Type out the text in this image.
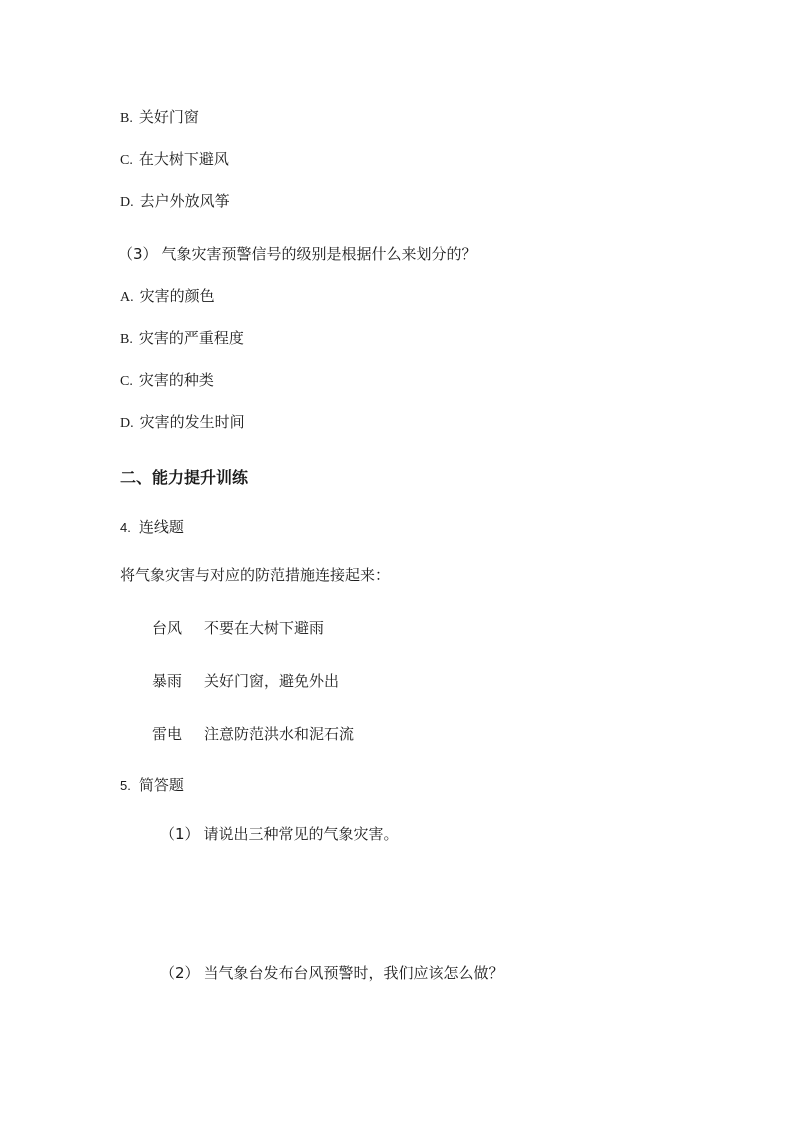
B. 关好门窗
C. 在大树下避风
D. 去户外放风筝
（3） 气象灾害预警信号的级别是根据什么来划分的？
A. 灾害的颜色
B. 灾害的严重程度
C. 灾害的种类
D. 灾害的发生时间
二、能力提升训练
4. 连线题
将气象灾害与对应的防范措施连接起来：
台风 不要在大树下避雨
暴雨 关好门窗，避免外出
雷电 注意防范洪水和泥石流
5. 简答题
（1） 请说出三种常见的气象灾害。
（2） 当气象台发布台风预警时，我们应该怎么做？
